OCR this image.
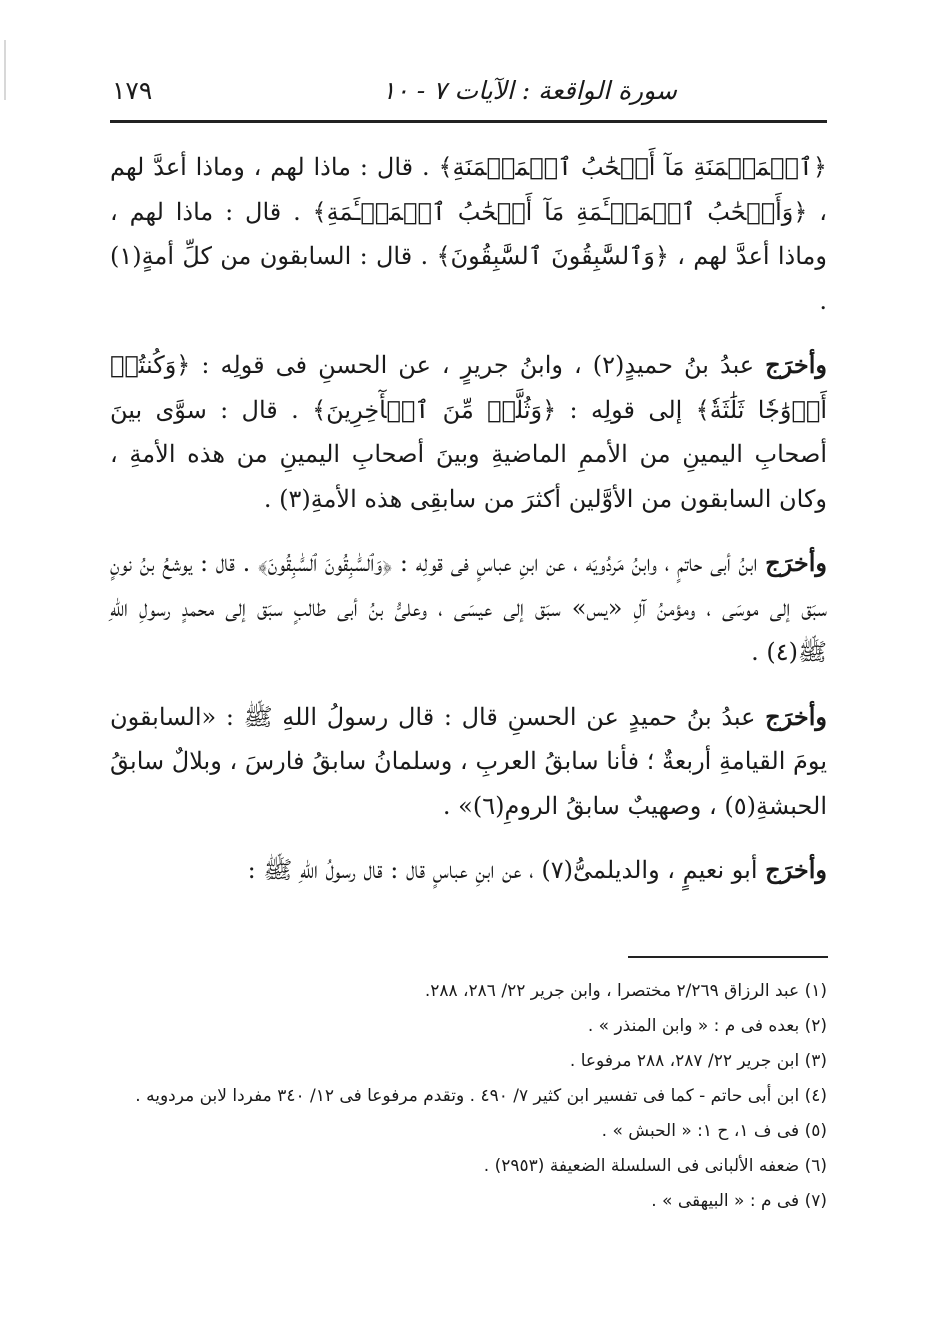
سورة الواقعة : الآيات ٧ - ١٠
١٧٩

﴿ٱلۡمَيۡمَنَةِ مَآ أَصۡحَٰبُ ٱلۡمَيۡمَنَةِ﴾ . قال : ماذا لهم ، وماذا أعدَّ لهم ، ﴿وَأَصۡحَٰبُ ٱلۡمَشۡـَٔمَةِ مَآ أَصۡحَٰبُ ٱلۡمَشۡـَٔمَةِ﴾ . قال : ماذا لهم ، وماذا أعدَّ لهم ، ﴿وَٱلسَّٰبِقُونَ ٱلسَّٰبِقُونَ﴾ . قال : السابقون من كلِّ أمةٍ(١) .

وأخرَج عبدُ بنُ حميدٍ(٢) ، وابنُ جريرٍ ، عن الحسنِ فى قولِه : ﴿وَكُنتُمۡ أَزۡوَٰجٗا ثَلَٰثَةٗ﴾ إلى قولِه : ﴿وَثُلَّةٞ مِّنَ ٱلۡأٓخِرِينَ﴾ . قال : سوَّى بينَ أصحابِ اليمينِ من الأممِ الماضيةِ وبينَ أصحابِ اليمينِ من هذه الأمةِ ، وكان السابقون من الأوَّلين أكثرَ من سابقِى هذه الأمةِ(٣) .

وأخرَج ابنُ أبى حاتمٍ ، وابنُ مَردُويَه ، عن ابنِ عباسٍ فى قولِه : ﴿وَٱلسَّٰبِقُونَ ٱلسَّٰبِقُونَ﴾ . قال : يوشعُ بنُ نونٍ سبَق إلى موسَى ، ومؤمنُ آلِ «يس» سبَق إلى عيسَى ، وعلىُّ بنُ أبى طالبٍ سبَق إلى محمدٍ رسولِ اللهِ ﷺ(٤) .

وأخرَج عبدُ بنُ حميدٍ عن الحسنِ قال : قال رسولُ اللهِ ﷺ : «السابقون يومَ القيامةِ أربعةٌ ؛ فأنا سابقُ العربِ ، وسلمانُ سابقُ فارسَ ، وبلالٌ سابقُ الحبشةِ(٥) ، وصهيبٌ سابقُ الرومِ(٦)» .

وأخرَج أبو نعيمٍ ، والديلمىُّ(٧) ، عن ابنِ عباسٍ قال : قال رسولُ اللهِ ﷺ :

(١) عبد الرزاق ٢/٢٦٩ مختصرا ، وابن جرير ٢٢/ ٢٨٦، ٢٨٨.

(٢) بعده فى م : « وابن المنذر » .

(٣) ابن جرير ٢٢/ ٢٨٧، ٢٨٨ مرفوعا .

(٤) ابن أبى حاتم - كما فى تفسير ابن كثير ٧/ ٤٩٠ . وتقدم مرفوعا فى ١٢/ ٣٤٠ مفردا لابن مردويه .

(٥) فى ف ١، ح ١: « الحبش » .

(٦) ضعفه الألبانى فى السلسلة الضعيفة (٢٩٥٣) .

(٧) فى م : « البيهقى » .
